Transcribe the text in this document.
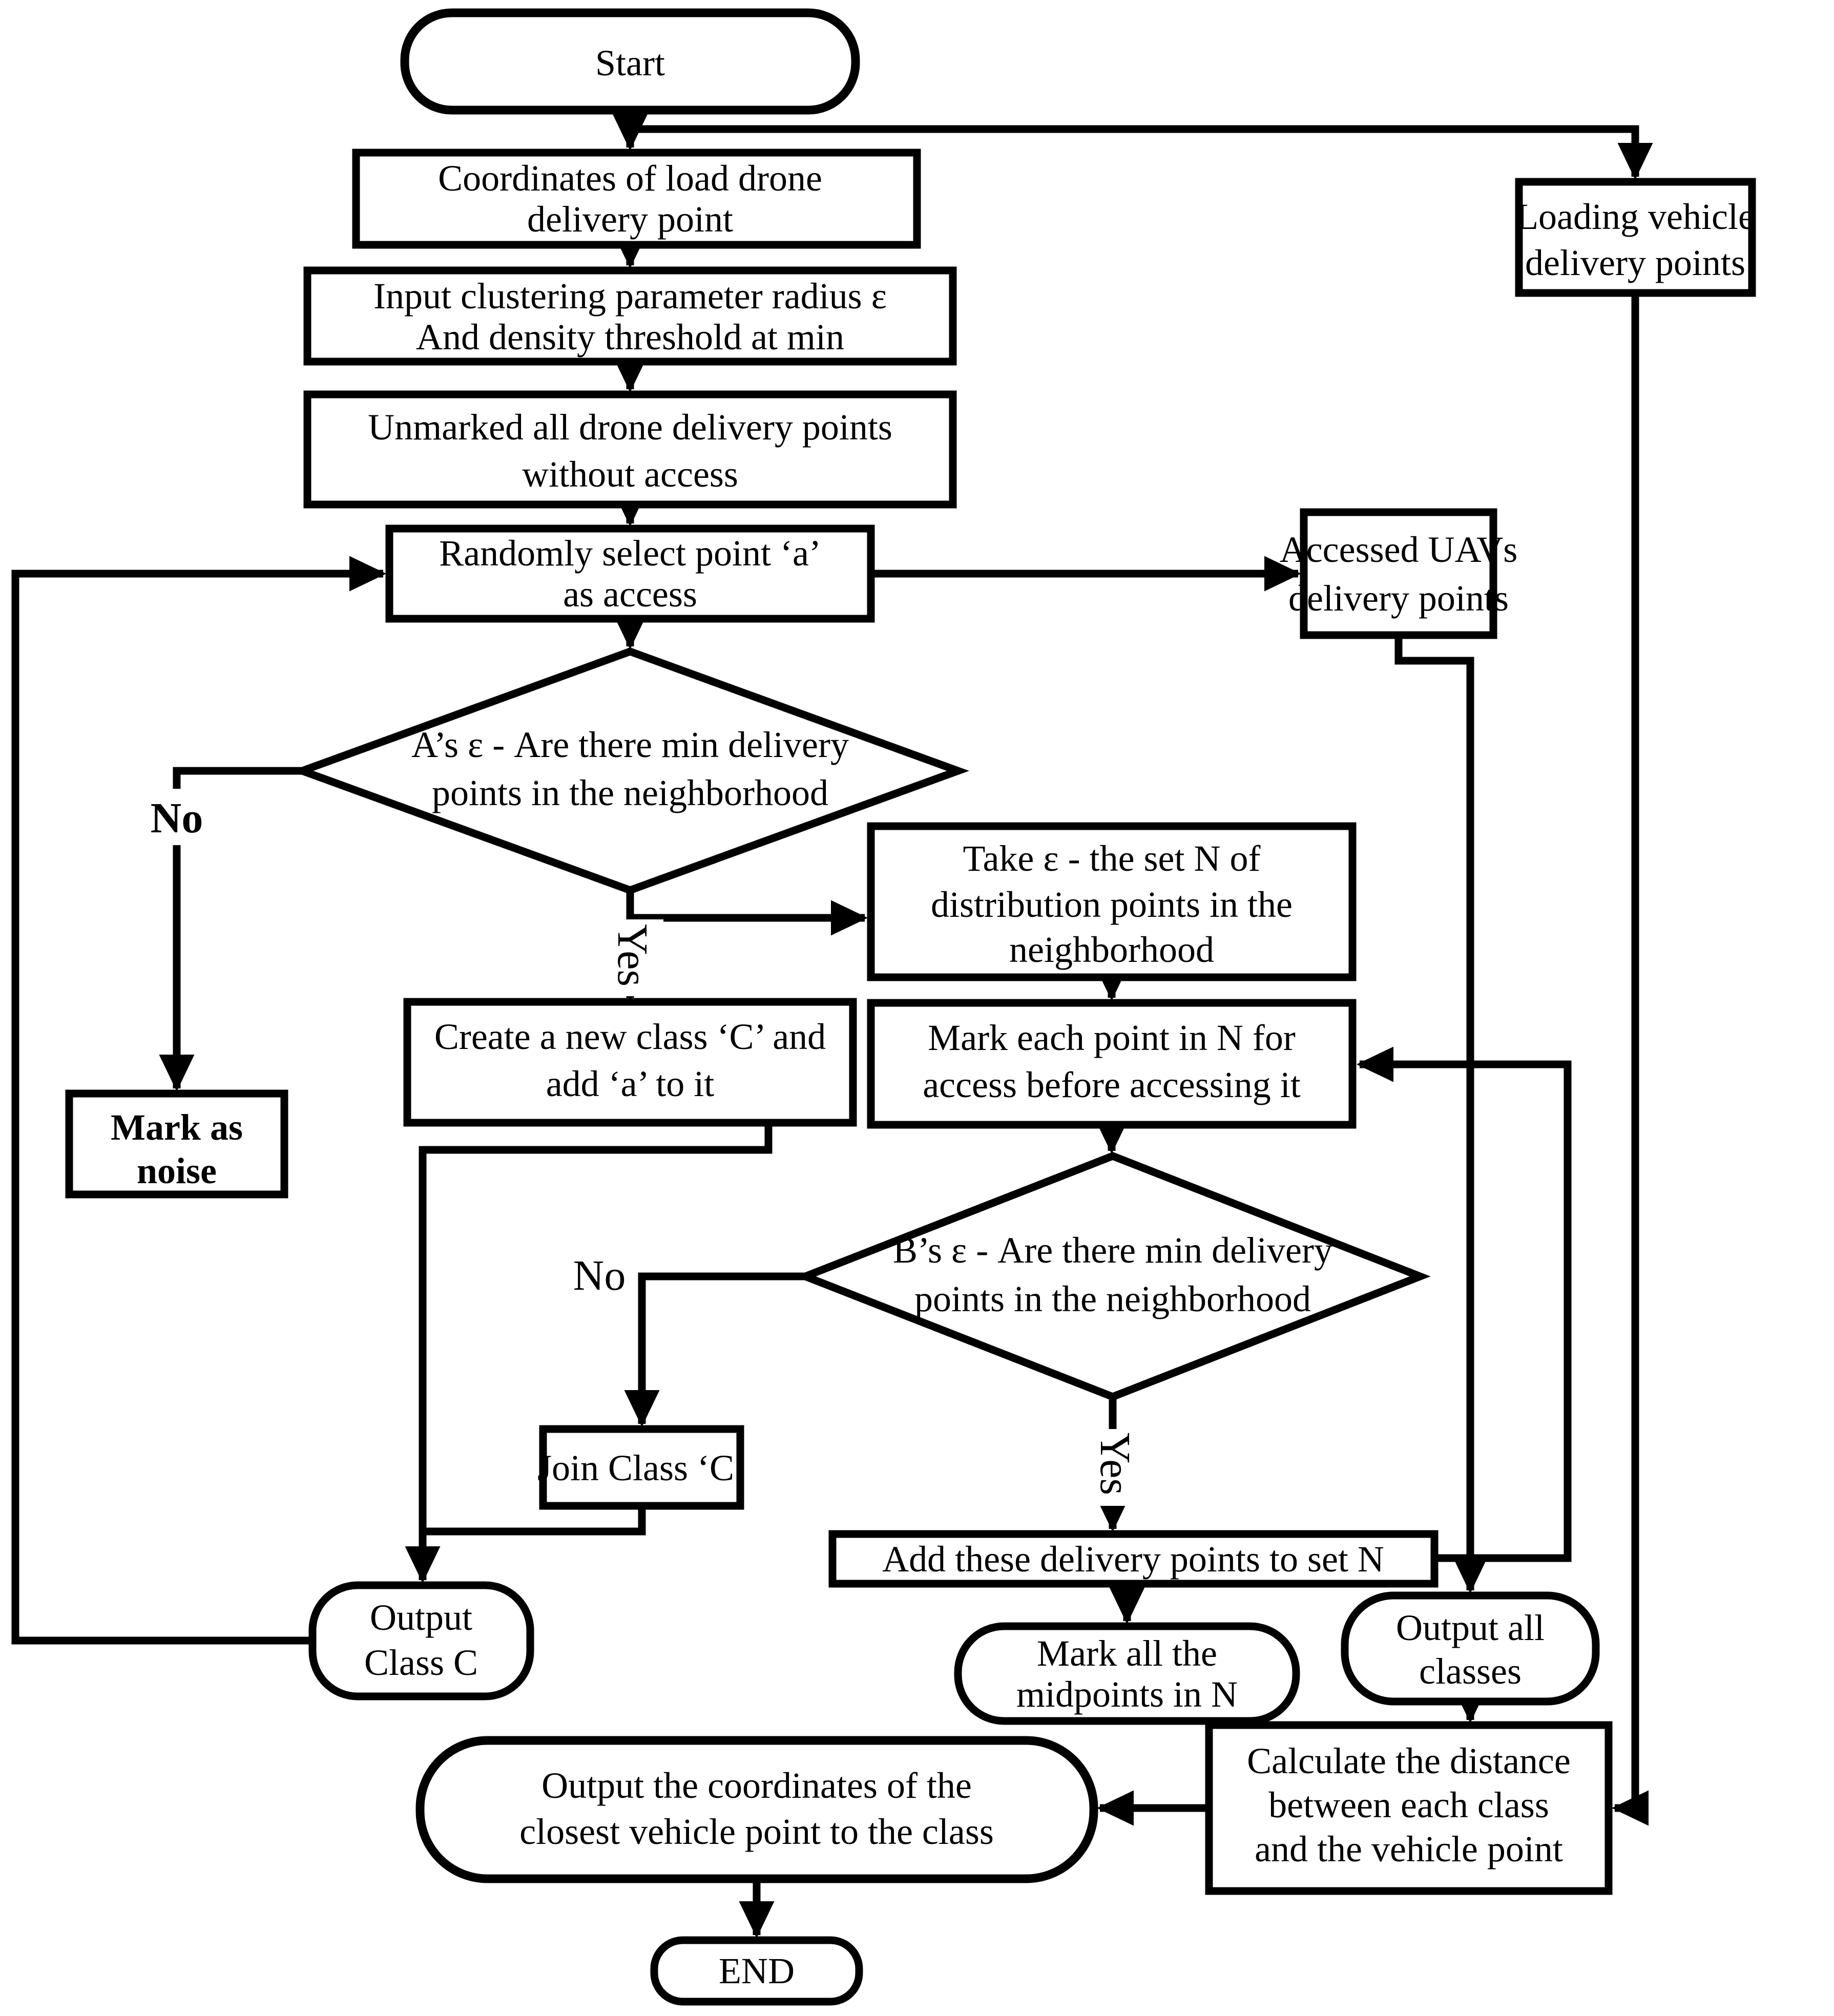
No
Yes
No
Yes
Start
Loading vehicle
delivery points
Coordinates of load drone
delivery point
Input clustering parameter radius ε
And density threshold at min
Unmarked all drone delivery points
without access
Randomly select point ‘a’
as access
Accessed UAVs
delivery points
A’s ε - Are there min delivery
points in the neighborhood
Mark as
noise
Take ε - the set N of
distribution points in the
neighborhood
Create a new class ‘C’ and
add ‘a’ to it
Mark each point in N for
access before accessing it
B’s ε - Are there min delivery
points in the neighborhood
Join Class ‘C’
Add these delivery points to set N
Mark all the
midpoints in N
Output all
classes
Output
Class C
Calculate the distance
between each class
and the vehicle point
Output the coordinates of the
closest vehicle point to the class
END
